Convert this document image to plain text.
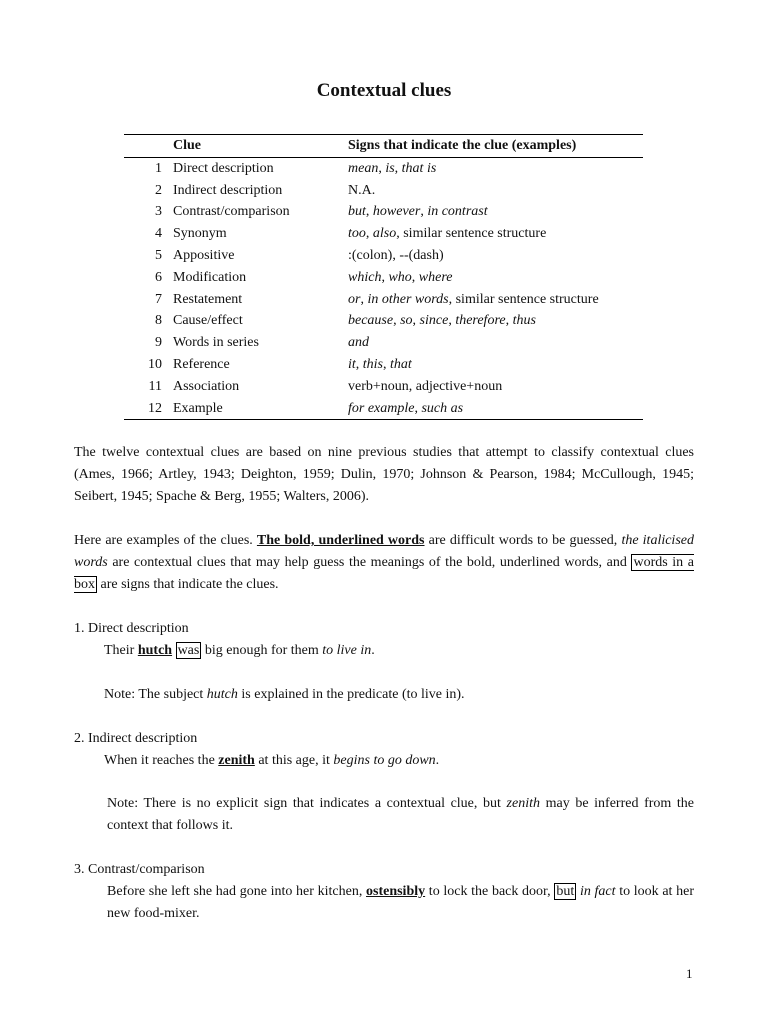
Contextual clues
	Clue	Signs that indicate the clue (examples)
1	Direct description	mean, is, that is
2	Indirect description	N.A.
3	Contrast/comparison	but, however, in contrast
4	Synonym	too, also, similar sentence structure
5	Appositive	:(colon), --(dash)
6	Modification	which, who, where
7	Restatement	or, in other words, similar sentence structure
8	Cause/effect	because, so, since, therefore, thus
9	Words in series	and
10	Reference	it, this, that
11	Association	verb+noun, adjective+noun
12	Example	for example, such as
The twelve contextual clues are based on nine previous studies that attempt to classify contextual clues (Ames, 1966; Artley, 1943; Deighton, 1959; Dulin, 1970; Johnson & Pearson, 1984; McCullough, 1945; Seibert, 1945; Spache & Berg, 1955; Walters, 2006).
Here are examples of the clues. The bold, underlined words are difficult words to be guessed, the italicised words are contextual clues that may help guess the meanings of the bold, underlined words, and words in a box are signs that indicate the clues.
1. Direct description
Their hutch was big enough for them to live in.
Note: The subject hutch is explained in the predicate (to live in).
2. Indirect description
When it reaches the zenith at this age, it begins to go down.
Note: There is no explicit sign that indicates a contextual clue, but zenith may be inferred from the context that follows it.
3. Contrast/comparison
Before she left she had gone into her kitchen, ostensibly to lock the back door, but in fact to look at her new food-mixer.
1
